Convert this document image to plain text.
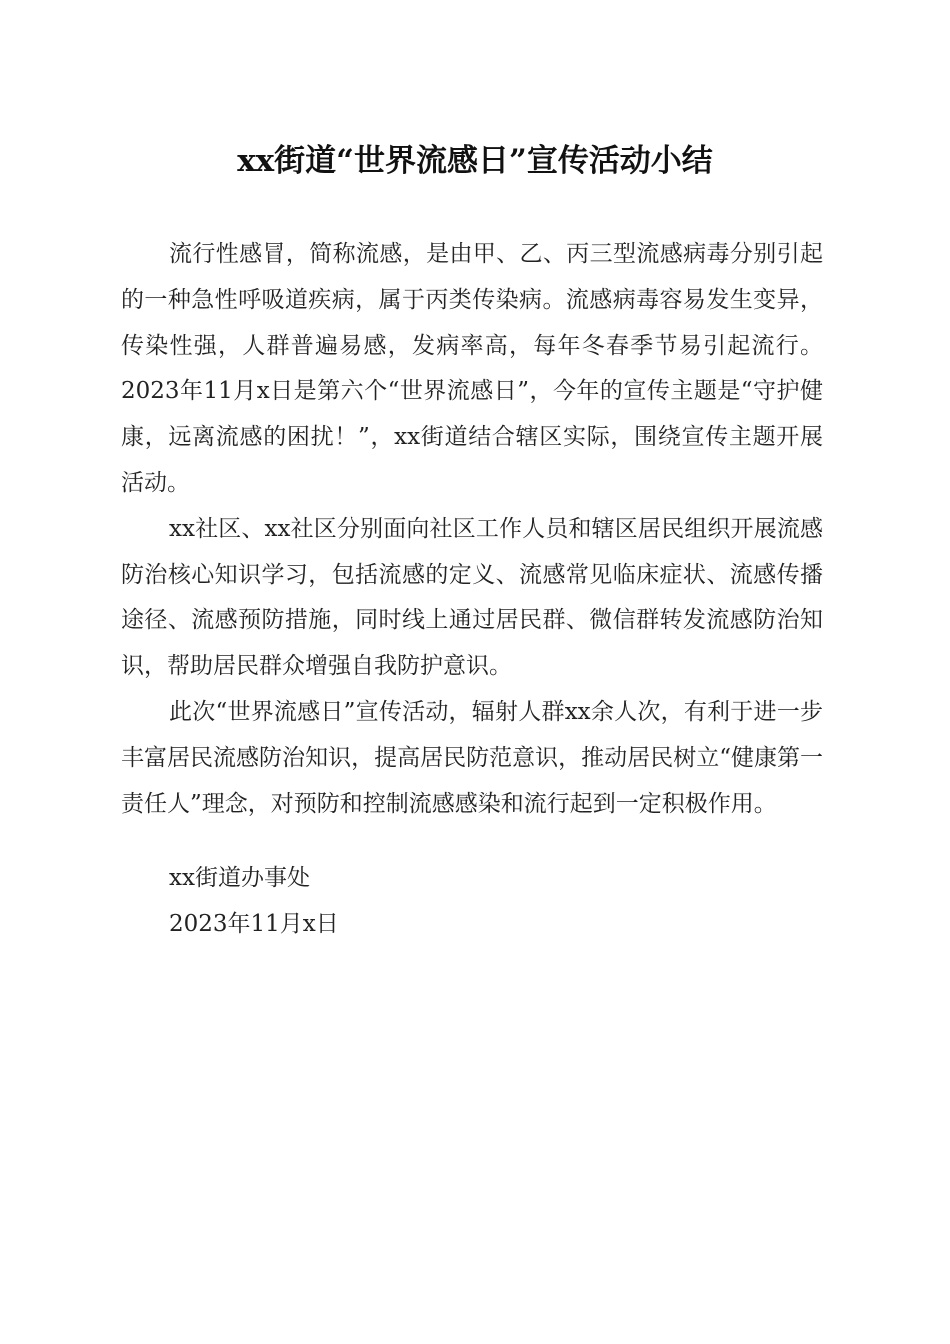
xx街道“世界流感日”宣传活动小结

流行性感冒，简称流感，是由甲、乙、丙三型流感病毒分别引起的一种急性呼吸道疾病，属于丙类传染病。流感病毒容易发生变异，传染性强，人群普遍易感，发病率高，每年冬春季节易引起流行。2023年11月x日是第六个“世界流感日”，今年的宣传主题是“守护健康，远离流感的困扰！”，xx街道结合辖区实际，围绕宣传主题开展活动。

xx社区、xx社区分别面向社区工作人员和辖区居民组织开展流感防治核心知识学习，包括流感的定义、流感常见临床症状、流感传播途径、流感预防措施，同时线上通过居民群、微信群转发流感防治知识，帮助居民群众增强自我防护意识。

此次“世界流感日”宣传活动，辐射人群xx余人次，有利于进一步丰富居民流感防治知识，提高居民防范意识，推动居民树立“健康第一责任人”理念，对预防和控制流感感染和流行起到一定积极作用。

xx街道办事处
2023年11月x日
